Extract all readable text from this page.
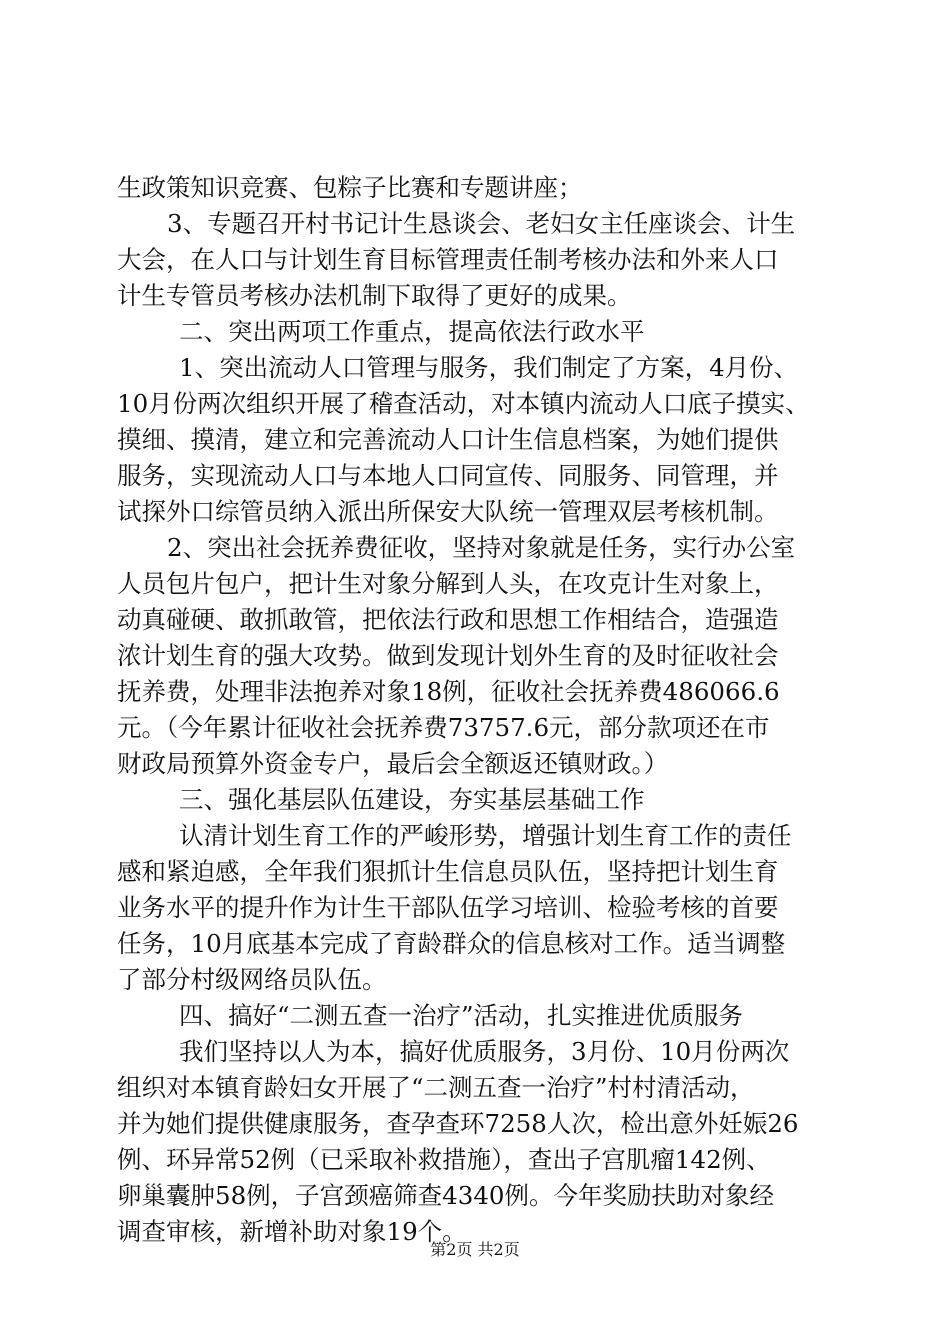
生政策知识竞赛、包粽子比赛和专题讲座；
3、专题召开村书记计生恳谈会、老妇女主任座谈会、计生
大会，在人口与计划生育目标管理责任制考核办法和外来人口
计生专管员考核办法机制下取得了更好的成果。
二、突出两项工作重点，提高依法行政水平
1、突出流动人口管理与服务，我们制定了方案，4月份、
10月份两次组织开展了稽查活动，对本镇内流动人口底子摸实、
摸细、摸清，建立和完善流动人口计生信息档案，为她们提供
服务，实现流动人口与本地人口同宣传、同服务、同管理，并
试探外口综管员纳入派出所保安大队统一管理双层考核机制。
2、突出社会抚养费征收，坚持对象就是任务，实行办公室
人员包片包户，把计生对象分解到人头，在攻克计生对象上，
动真碰硬、敢抓敢管，把依法行政和思想工作相结合，造强造
浓计划生育的强大攻势。做到发现计划外生育的及时征收社会
抚养费，处理非法抱养对象18例，征收社会抚养费486066.6
元。（今年累计征收社会抚养费73757.6元，部分款项还在市
财政局预算外资金专户，最后会全额返还镇财政。）
三、强化基层队伍建设，夯实基层基础工作
认清计划生育工作的严峻形势，增强计划生育工作的责任
感和紧迫感，全年我们狠抓计生信息员队伍，坚持把计划生育
业务水平的提升作为计生干部队伍学习培训、检验考核的首要
任务，10月底基本完成了育龄群众的信息核对工作。适当调整
了部分村级网络员队伍。
四、搞好“二测五查一治疗”活动，扎实推进优质服务
我们坚持以人为本，搞好优质服务，3月份、10月份两次
组织对本镇育龄妇女开展了“二测五查一治疗”村村清活动，
并为她们提供健康服务，查孕查环7258人次，检出意外妊娠26
例、环异常52例（已采取补救措施），查出子宫肌瘤142例、
卵巢囊肿58例，子宫颈癌筛查4340例。今年奖励扶助对象经
调查审核，新增补助对象19个。
第2页 共2页
